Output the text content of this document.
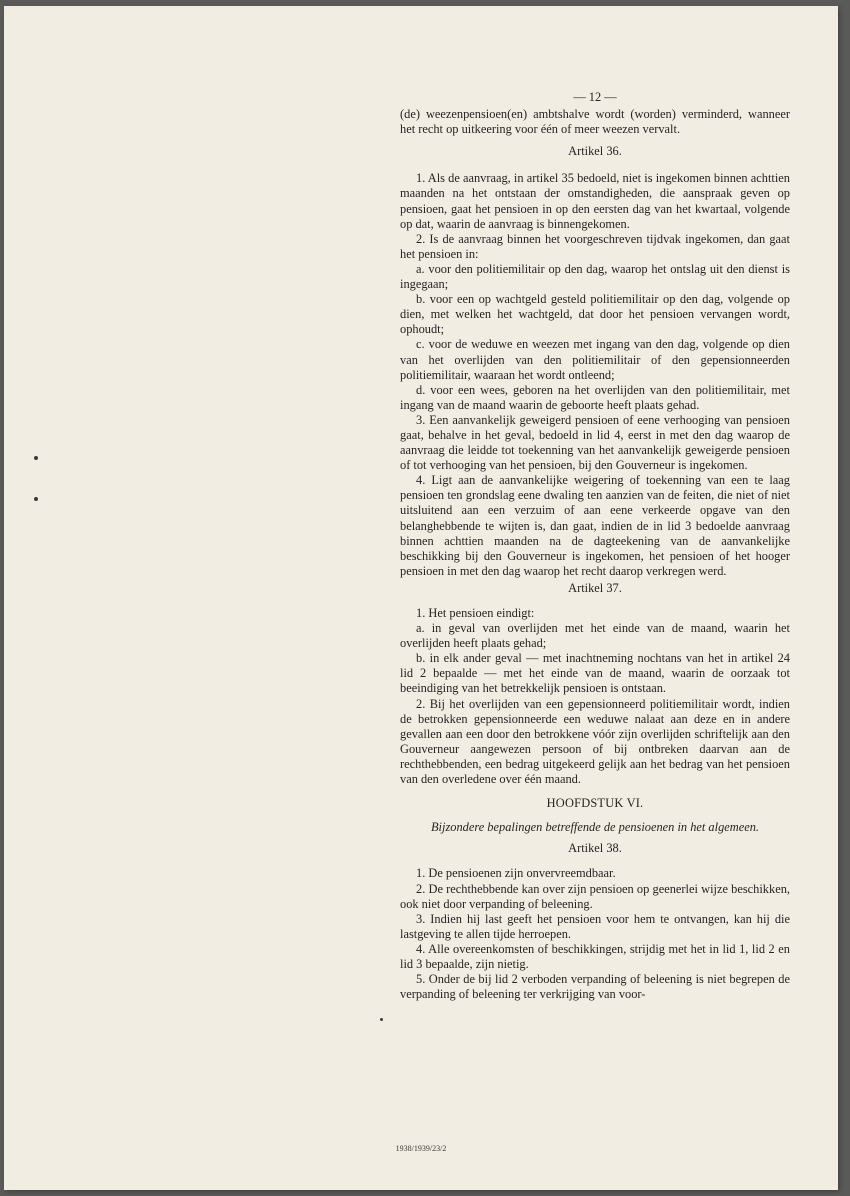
— 12 —

(de) weezenpensioen(en) ambtshalve wordt (worden) verminderd, wanneer het recht op uitkeering voor één of meer weezen vervalt.

Artikel 36.

1. Als de aanvraag, in artikel 35 bedoeld, niet is ingekomen binnen achttien maanden na het ontstaan der omstandigheden, die aanspraak geven op pensioen, gaat het pensioen in op den eersten dag van het kwartaal, volgende op dat, waarin de aanvraag is binnengekomen.

2. Is de aanvraag binnen het voorgeschreven tijdvak ingekomen, dan gaat het pensioen in:

a. voor den politiemilitair op den dag, waarop het ontslag uit den dienst is ingegaan;

b. voor een op wachtgeld gesteld politiemilitair op den dag, volgende op dien, met welken het wachtgeld, dat door het pensioen vervangen wordt, ophoudt;

c. voor de weduwe en weezen met ingang van den dag, volgende op dien van het overlijden van den politiemilitair of den gepensionneerden politiemilitair, waaraan het wordt ontleend;

d. voor een wees, geboren na het overlijden van den politiemilitair, met ingang van de maand waarin de geboorte heeft plaats gehad.

3. Een aanvankelijk geweigerd pensioen of eene verhooging van pensioen gaat, behalve in het geval, bedoeld in lid 4, eerst in met den dag waarop de aanvraag die leidde tot toekenning van het aanvankelijk geweigerde pensioen of tot verhooging van het pensioen, bij den Gouverneur is ingekomen.

4. Ligt aan de aanvankelijke weigering of toekenning van een te laag pensioen ten grondslag eene dwaling ten aanzien van de feiten, die niet of niet uitsluitend aan een verzuim of aan eene verkeerde opgave van den belanghebbende te wijten is, dan gaat, indien de in lid 3 bedoelde aanvraag binnen achttien maanden na de dagteekening van de aanvankelijke beschikking bij den Gouverneur is ingekomen, het pensioen of het hooger pensioen in met den dag waarop het recht daarop verkregen werd.

Artikel 37.

1. Het pensioen eindigt:

a. in geval van overlijden met het einde van de maand, waarin het overlijden heeft plaats gehad;

b. in elk ander geval — met inachtneming nochtans van het in artikel 24 lid 2 bepaalde — met het einde van de maand, waarin de oorzaak tot beeindiging van het betrekkelijk pensioen is ontstaan.

2. Bij het overlijden van een gepensionneerd politiemilitair wordt, indien de betrokken gepensionneerde een weduwe nalaat aan deze en in andere gevallen aan een door den betrokkene vóór zijn overlijden schriftelijk aan den Gouverneur aangewezen persoon of bij ontbreken daarvan aan de rechthebbenden, een bedrag uitgekeerd gelijk aan het bedrag van het pensioen van den overledene over één maand.

HOOFDSTUK VI.

Bijzondere bepalingen betreffende de pensioenen in het algemeen.

Artikel 38.

1. De pensioenen zijn onvervreemdbaar.

2. De rechthebbende kan over zijn pensioen op geenerlei wijze beschikken, ook niet door verpanding of beleening.

3. Indien hij last geeft het pensioen voor hem te ontvangen, kan hij die lastgeving te allen tijde herroepen.

4. Alle overeenkomsten of beschikkingen, strijdig met het in lid 1, lid 2 en lid 3 bepaalde, zijn nietig.

5. Onder de bij lid 2 verboden verpanding of beleening is niet begrepen de verpanding of beleening ter verkrijging van voor-

1938/1939/23/2
